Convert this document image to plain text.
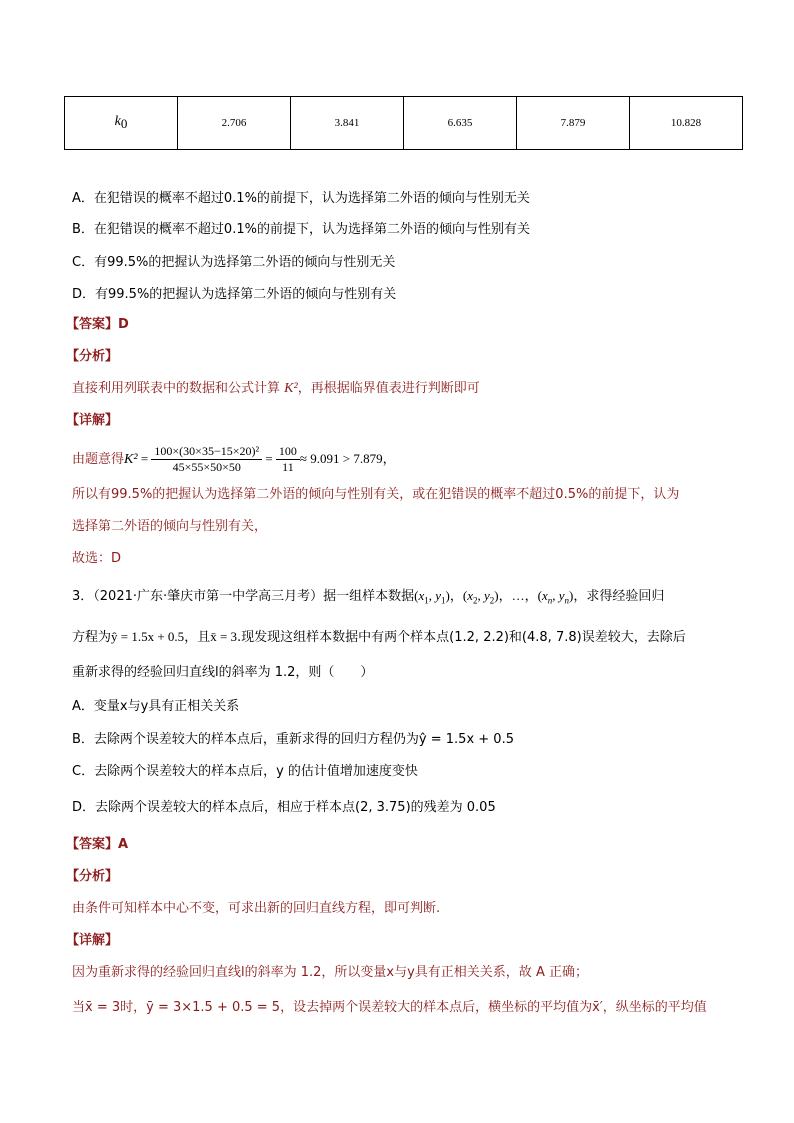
$k_0$	2.706	3.841	6.635	7.879	10.828
A．在犯错误的概率不超过0.1%的前提下，认为选择第二外语的倾向与性别无关
B．在犯错误的概率不超过0.1%的前提下，认为选择第二外语的倾向与性别有关
C．有99.5%的把握认为选择第二外语的倾向与性别无关
D．有99.5%的把握认为选择第二外语的倾向与性别有关
【答案】D
【分析】
直接利用列联表中的数据和公式计算 K²，再根据临界值表进行判断即可
【详解】
由题意得$K^2 = \frac{\text{100×(30×35−15×20)²}}{45\times 55\times 50\times 50} = \frac{100}{11} \approx 9.091 > 7.879$，
所以有99.5%的把握认为选择第二外语的倾向与性别有关，或在犯错误的概率不超过0.5%的前提下，认为
选择第二外语的倾向与性别有关，
故选：D
3．（2021·广东·肇庆市第一中学高三月考）据一组样本数据($x_1$, $y_1$)，($x_2$, $y_2$)，…，($x_n$, $y_n$)，求得经验回归
方程为ŷ = 1.5x + 0.5，且x̄ = 3.现发现这组样本数据中有两个样本点(1.2, 2.2)和(4.8, 7.8)误差较大，去除后
重新求得的经验回归直线l的斜率为 1.2，则（　　）
A．变量x与y具有正相关关系
B．去除两个误差较大的样本点后，重新求得的回归方程仍为ŷ = 1.5x + 0.5
C．去除两个误差较大的样本点后，y 的估计值增加速度变快
D．去除两个误差较大的样本点后，相应于样本点(2, 3.75)的残差为 0.05
【答案】A
【分析】
由条件可知样本中心不变，可求出新的回归直线方程，即可判断.
【详解】
因为重新求得的经验回归直线l的斜率为 1.2，所以变量x与y具有正相关关系，故 A 正确；
当x̄ = 3时，ȳ = 3×1.5 + 0.5 = 5，设去掉两个误差较大的样本点后，横坐标的平均值为x̄′，纵坐标的平均值
